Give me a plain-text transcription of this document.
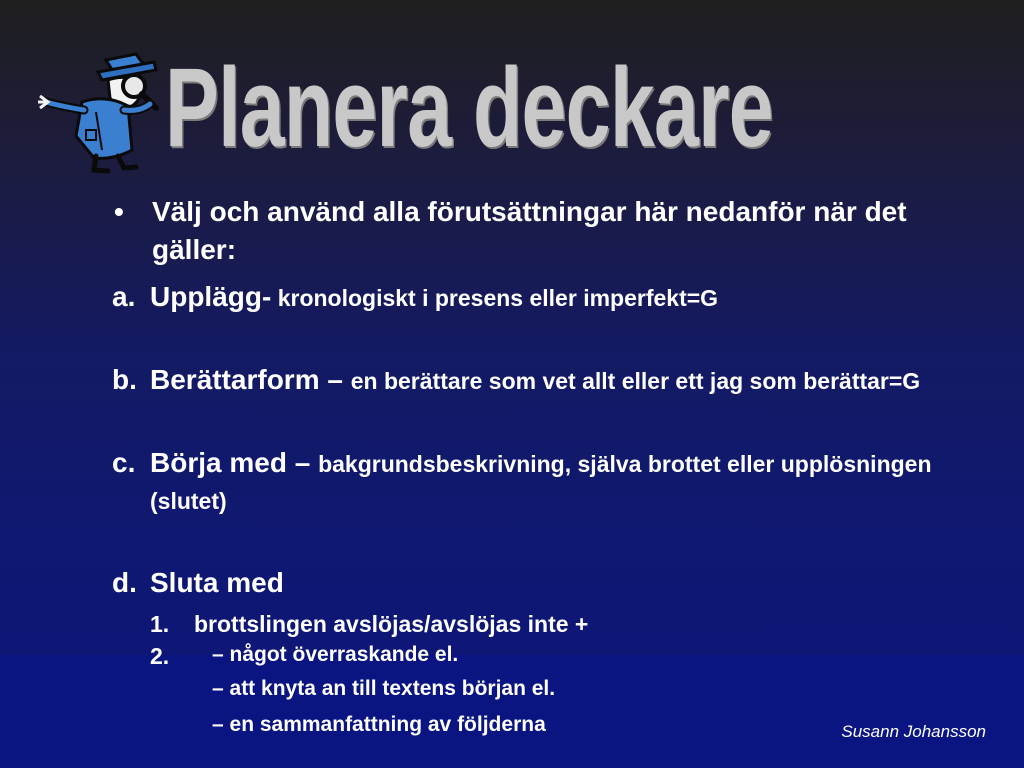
Planera deckare
•	Välj och använd alla förutsättningar här nedanför när det gäller:
a. Upplägg- kronologiskt i presens eller imperfekt=G
b. Berättarform – en berättare som vet allt eller ett jag som berättar=G
c. Börja med – bakgrundsbeskrivning, själva brottet eller upplösningen (slutet)
d. Sluta med
1.	brottslingen avslöjas/avslöjas inte +
2.	– något överraskande el.
– att knyta an till textens början el.
– en sammanfattning av följderna	Susann Johansson
